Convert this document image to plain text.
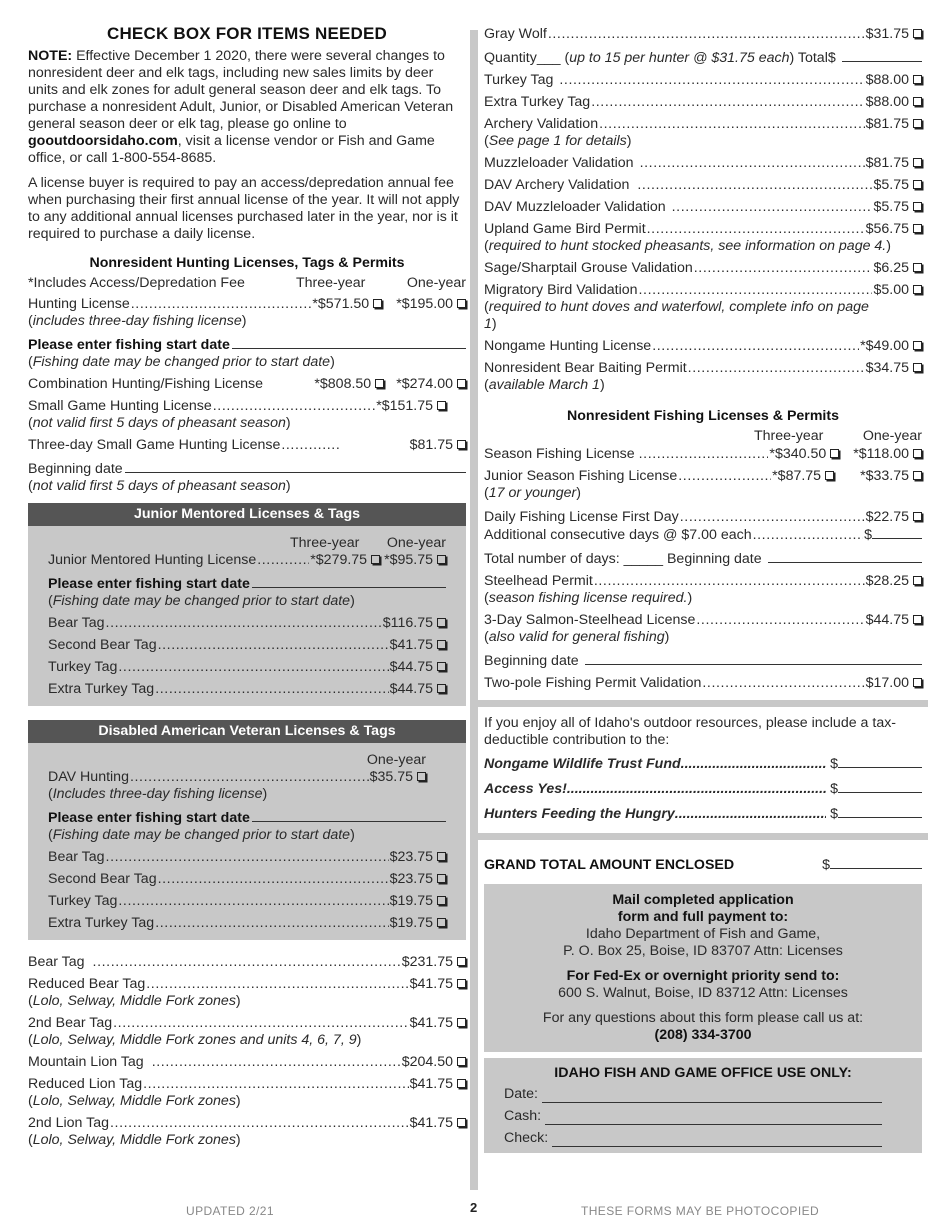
CHECK BOX FOR ITEMS NEEDED

NOTE: Effective December 1 2020, there were several changes to nonresident deer and elk tags, including new sales limits by deer units and elk zones for adult general season deer and elk tags. To purchase a nonresident Adult, Junior, or Disabled American Veteran general season deer or elk tag, please go online to gooutdoorsidaho.com, visit a license vendor or Fish and Game office, or call 1-800-554-8685.

A license buyer is required to pay an access/depredation annual fee when purchasing their first annual license of the year. It will not apply to any additional annual licenses purchased later in the year, nor is it required to purchase a daily license.

Nonresident Hunting Licenses, Tags & Permits
*Includes Access/Depredation Fee	Three-year	One-year
Hunting License .....	*$571.50 *$195.00
(includes three-day fishing license)
Please enter fishing start date
(Fishing date may be changed prior to start date)
Combination Hunting/Fishing License	*$808.50 *$274.00
Small Game Hunting License .....	*$151.75
(not valid first 5 days of pheasant season)
Three-day Small Game Hunting License .....	$81.75
Beginning date
(not valid first 5 days of pheasant season)
Junior Mentored Licenses & Tags
Three-year	One-year
Junior Mentored Hunting License .....	*$279.75 *$95.75
Please enter fishing start date
(Fishing date may be changed prior to start date)
Bear Tag .....	$116.75
Second Bear Tag .....	$41.75
Turkey Tag .....	$44.75
Extra Turkey Tag .....	$44.75
Disabled American Veteran Licenses & Tags
One-year
DAV Hunting .....	$35.75
(Includes three-day fishing license)
Please enter fishing start date
(Fishing date may be changed prior to start date)
Bear Tag .....	$23.75
Second Bear Tag .....	$23.75
Turkey Tag .....	$19.75
Extra Turkey Tag .....	$19.75
Bear Tag .....	$231.75
Reduced Bear Tag .....	$41.75
(Lolo, Selway, Middle Fork zones)
2nd Bear Tag .....	$41.75
(Lolo, Selway, Middle Fork zones and units 4, 6, 7, 9)
Mountain Lion Tag .....	$204.50
Reduced Lion Tag .....	$41.75
(Lolo, Selway, Middle Fork zones)
2nd Lion Tag .....	$41.75
(Lolo, Selway, Middle Fork zones)
Gray Wolf .....	$31.75
Quantity___ ( up to 15 per hunter @ $31.75 each ) Total$
Turkey Tag .....	$88.00
Extra Turkey Tag .....	$88.00
Archery Validation .....	$81.75
(See page 1 for details)
Muzzleloader Validation .....	$81.75
DAV Archery Validation .....	$5.75
DAV Muzzleloader Validation .....	$5.75
Upland Game Bird Permit .....	$56.75
(required to hunt stocked pheasants, see information on page 4.)
Sage/Sharptail Grouse Validation .....	$6.25
Migratory Bird Validation .....	$5.00
(required to hunt doves and waterfowl, complete info on page 1)
Nongame Hunting License .....	*$49.00
Nonresident Bear Baiting Permit .....	$34.75
(available March 1)
Nonresident Fishing Licenses & Permits
Three-year	One-year
Season Fishing License .....	*$340.50 *$118.00
Junior Season Fishing License .....	*$87.75	*$33.75
(17 or younger)
Daily Fishing License First Day .....	$22.75
Additional consecutive days @ $7.00 each .....	$
Total number of days: _____ Beginning date
Steelhead Permit .....	$28.25
(season fishing license required.)
3-Day Salmon-Steelhead License .....	$44.75
(also valid for general fishing)
Beginning date
Two-pole Fishing Permit Validation .....	$17.00

If you enjoy all of Idaho's outdoor resources, please include a tax-deductible contribution to the:

Nongame Wildlife Trust Fund .....	$
Access Yes! .....	$
Hunters Feeding the Hungry .....	$
GRAND TOTAL AMOUNT ENCLOSED	$
Mail completed application
form and full payment to:
Idaho Department of Fish and Game,
P. O. Box 25, Boise, ID 83707 Attn: Licenses
For Fed-Ex or overnight priority send to:
600 S. Walnut, Boise, ID 83712 Attn: Licenses
For any questions about this form please call us at:
(208) 334-3700
IDAHO FISH AND GAME OFFICE USE ONLY:
Date:
Cash:
Check:
UPDATED 2/21	2	THESE FORMS MAY BE PHOTOCOPIED
